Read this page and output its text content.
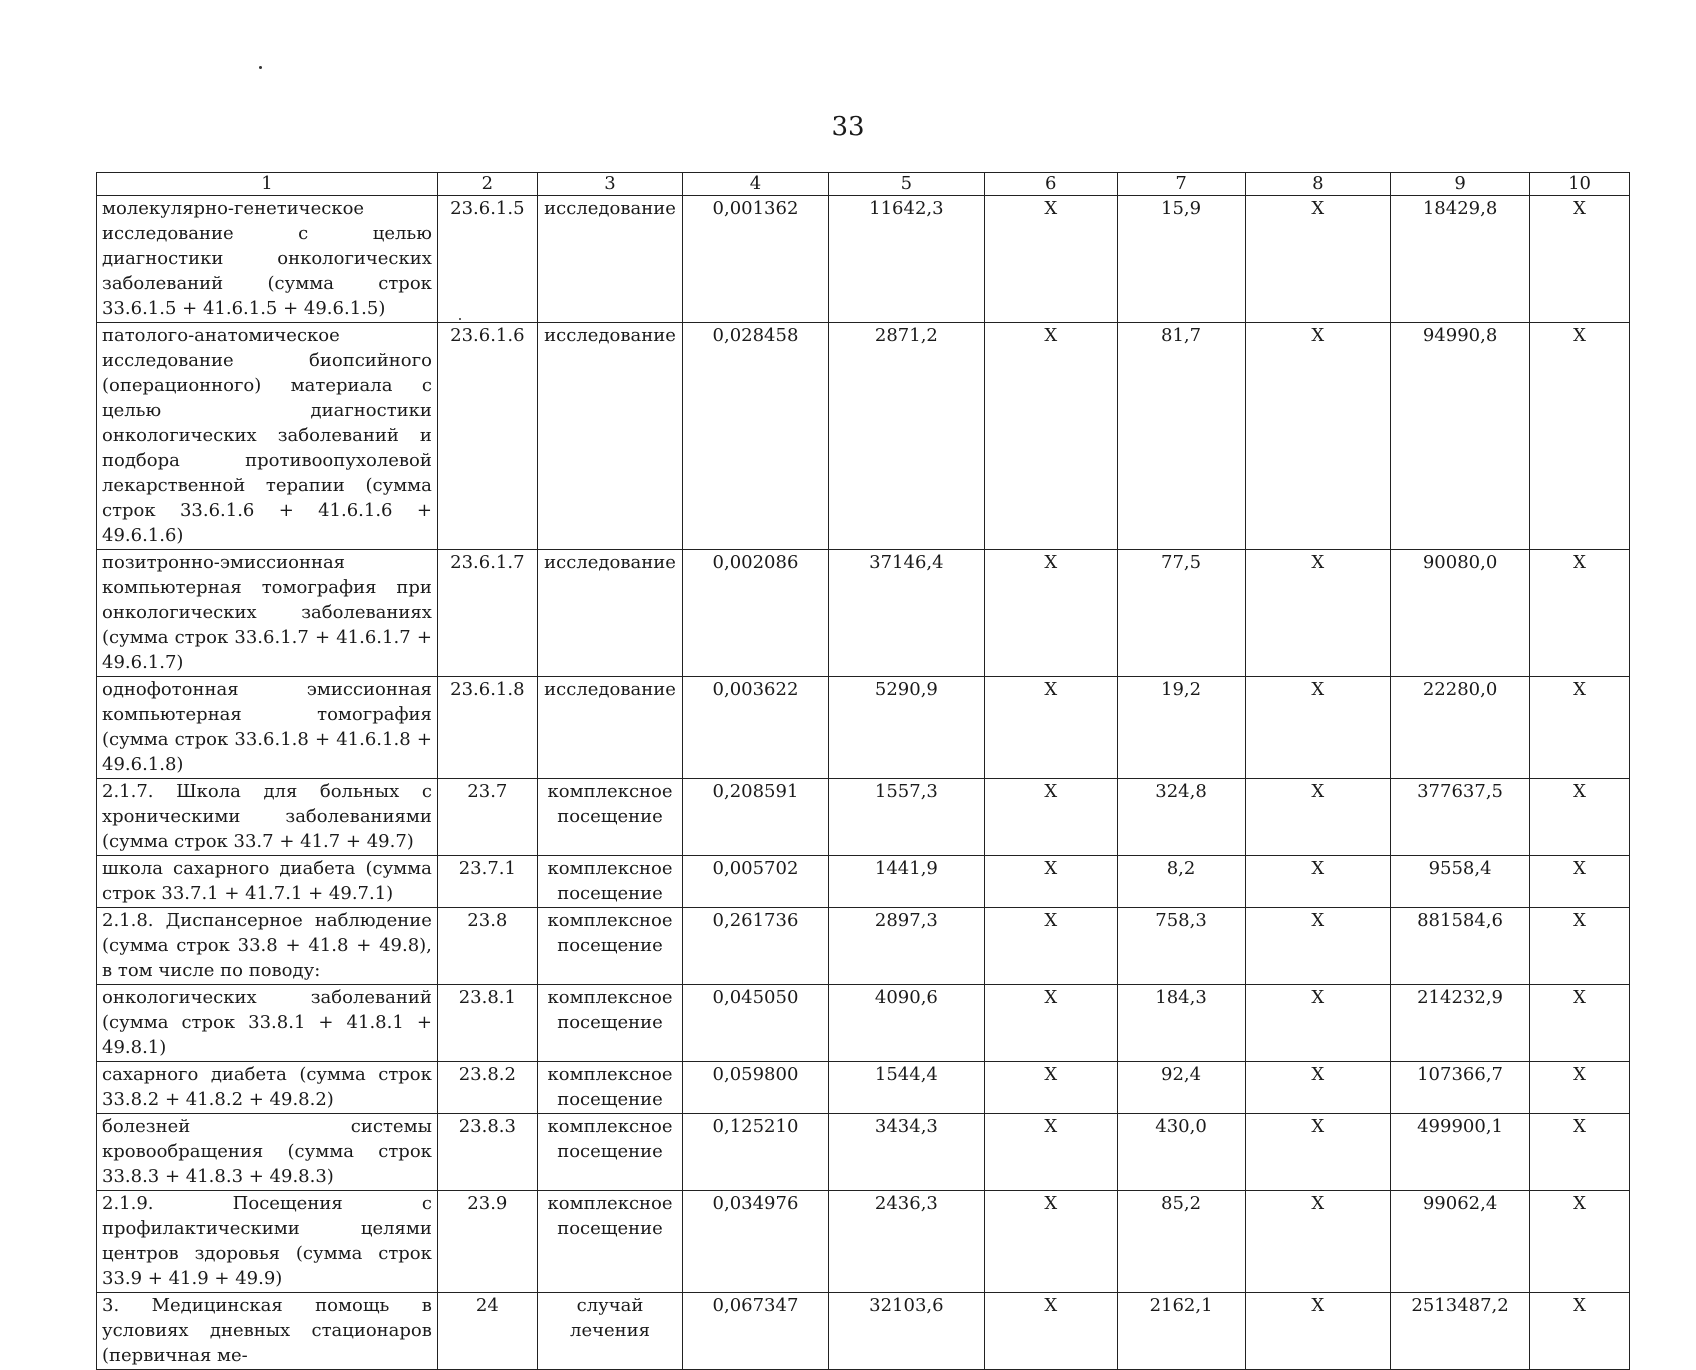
33
1	2	3	4	5	6	7	8	9	10
молекулярно-генетическое исследование с целью диагностики онкологических заболеваний (сумма строк 33.6.1.5 + 41.6.1.5 + 49.6.1.5)	23.6.1.5	исследование	0,001362	11642,3	X	15,9	X	18429,8	X
патолого-анатомическое исследование биопсийного (операционного) материала с целью диагностики онкологических заболеваний и подбора противоопухолевой лекарственной терапии (сумма строк 33.6.1.6 + 41.6.1.6 + 49.6.1.6)	23.6.1.6	исследование	0,028458	2871,2	X	81,7	X	94990,8	X
позитронно-эмиссионная компьютерная томография при онкологических заболеваниях (сумма строк 33.6.1.7 + 41.6.1.7 + 49.6.1.7)	23.6.1.7	исследование	0,002086	37146,4	X	77,5	X	90080,0	X
однофотонная эмиссионная компьютерная томография (сумма строк 33.6.1.8 + 41.6.1.8 + 49.6.1.8)	23.6.1.8	исследование	0,003622	5290,9	X	19,2	X	22280,0	X
2.1.7. Школа для больных с хроническими заболеваниями (сумма строк 33.7 + 41.7 + 49.7)	23.7	комплексное посещение	0,208591	1557,3	X	324,8	X	377637,5	X
школа сахарного диабета (сумма строк 33.7.1 + 41.7.1 + 49.7.1)	23.7.1	комплексное посещение	0,005702	1441,9	X	8,2	X	9558,4	X
2.1.8. Диспансерное наблюдение (сумма строк 33.8 + 41.8 + 49.8), в том числе по поводу:	23.8	комплексное посещение	0,261736	2897,3	X	758,3	X	881584,6	X
онкологических заболеваний (сумма строк 33.8.1 + 41.8.1 + 49.8.1)	23.8.1	комплексное посещение	0,045050	4090,6	X	184,3	X	214232,9	X
сахарного диабета (сумма строк 33.8.2 + 41.8.2 + 49.8.2)	23.8.2	комплексное посещение	0,059800	1544,4	X	92,4	X	107366,7	X
болезней системы кровообращения (сумма строк 33.8.3 + 41.8.3 + 49.8.3)	23.8.3	комплексное посещение	0,125210	3434,3	X	430,0	X	499900,1	X
2.1.9. Посещения с профилактическими целями центров здоровья (сумма строк 33.9 + 41.9 + 49.9)	23.9	комплексное посещение	0,034976	2436,3	X	85,2	X	99062,4	X
3. Медицинская помощь в условиях дневных стационаров (первичная ме-	24	случай лечения	0,067347	32103,6	X	2162,1	X	2513487,2	X
